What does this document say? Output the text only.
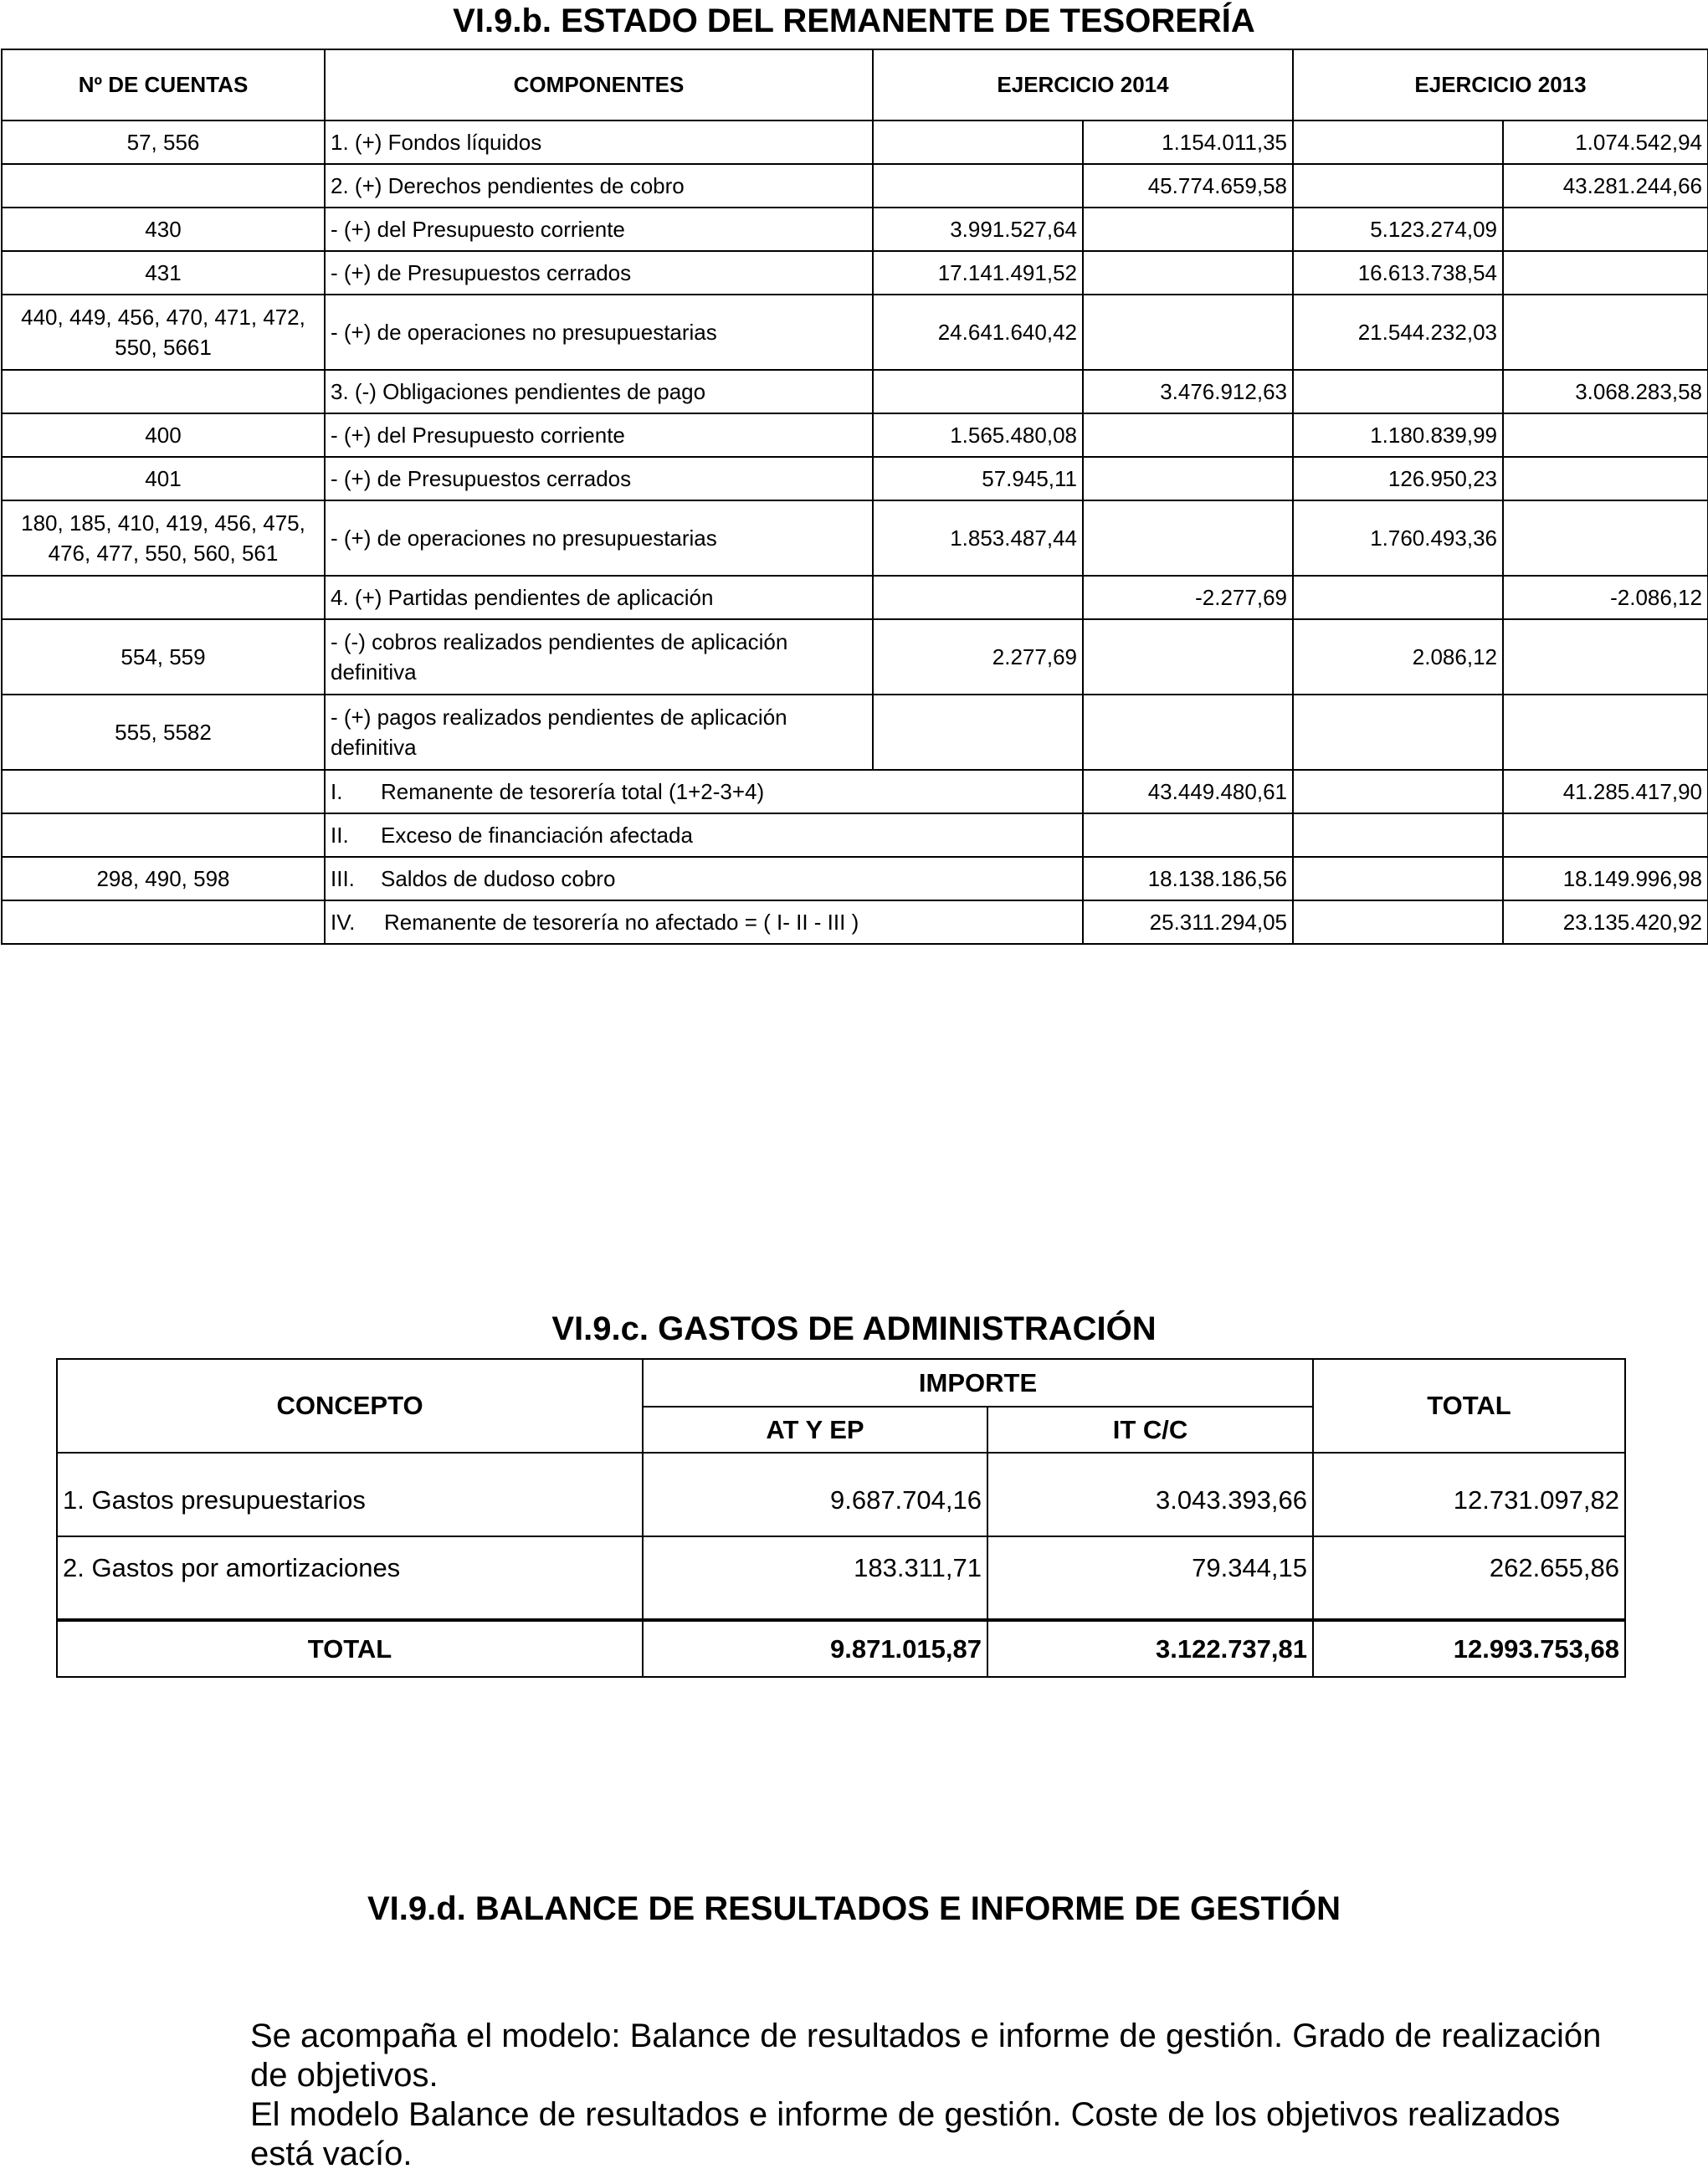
VI.9.b. ESTADO DEL REMANENTE DE TESORERÍA
Nº DE CUENTAS	COMPONENTES	EJERCICIO 2014		EJERCICIO 2013	
57, 556	1. (+) Fondos líquidos		1.154.011,35		1.074.542,94
	2. (+) Derechos pendientes de cobro		45.774.659,58		43.281.244,66
430	- (+) del Presupuesto corriente	3.991.527,64		5.123.274,09	
431	- (+) de Presupuestos cerrados	17.141.491,52		16.613.738,54	
440, 449, 456, 470, 471, 472, 550, 5661	- (+) de operaciones no presupuestarias	24.641.640,42		21.544.232,03	
	3. (-) Obligaciones pendientes de pago		3.476.912,63		3.068.283,58
400	- (+) del Presupuesto corriente	1.565.480,08		1.180.839,99	
401	- (+) de Presupuestos cerrados	57.945,11		126.950,23	
180, 185, 410, 419, 456, 475, 476, 477, 550, 560, 561	- (+) de operaciones no presupuestarias	1.853.487,44		1.760.493,36	
	4. (+) Partidas pendientes de aplicación		-2.277,69		-2.086,12
554, 559	- (-) cobros realizados pendientes de aplicación definitiva	2.277,69		2.086,12	
555, 5582	- (+) pagos realizados pendientes de aplicación definitiva				
	I. Remanente de tesorería total (1+2-3+4)		43.449.480,61		41.285.417,90
	II. Exceso de financiación afectada				
298, 490, 598	III. Saldos de dudoso cobro		18.138.186,56		18.149.996,98
	IV. Remanente de tesorería no afectado = ( I- II - III )		25.311.294,05		23.135.420,92
VI.9.c. GASTOS DE ADMINISTRACIÓN
CONCEPTO	IMPORTE		TOTAL
	AT Y EP	IT C/C	
1. Gastos presupuestarios	9.687.704,16	3.043.393,66	12.731.097,82
2. Gastos por amortizaciones	183.311,71	79.344,15	262.655,86
TOTAL	9.871.015,87	3.122.737,81	12.993.753,68
VI.9.d. BALANCE DE RESULTADOS E INFORME DE GESTIÓN
Se acompaña el modelo: Balance de resultados e informe de gestión. Grado de realización de objetivos.
El modelo Balance de resultados e informe de gestión. Coste de los objetivos realizados está vacío.
